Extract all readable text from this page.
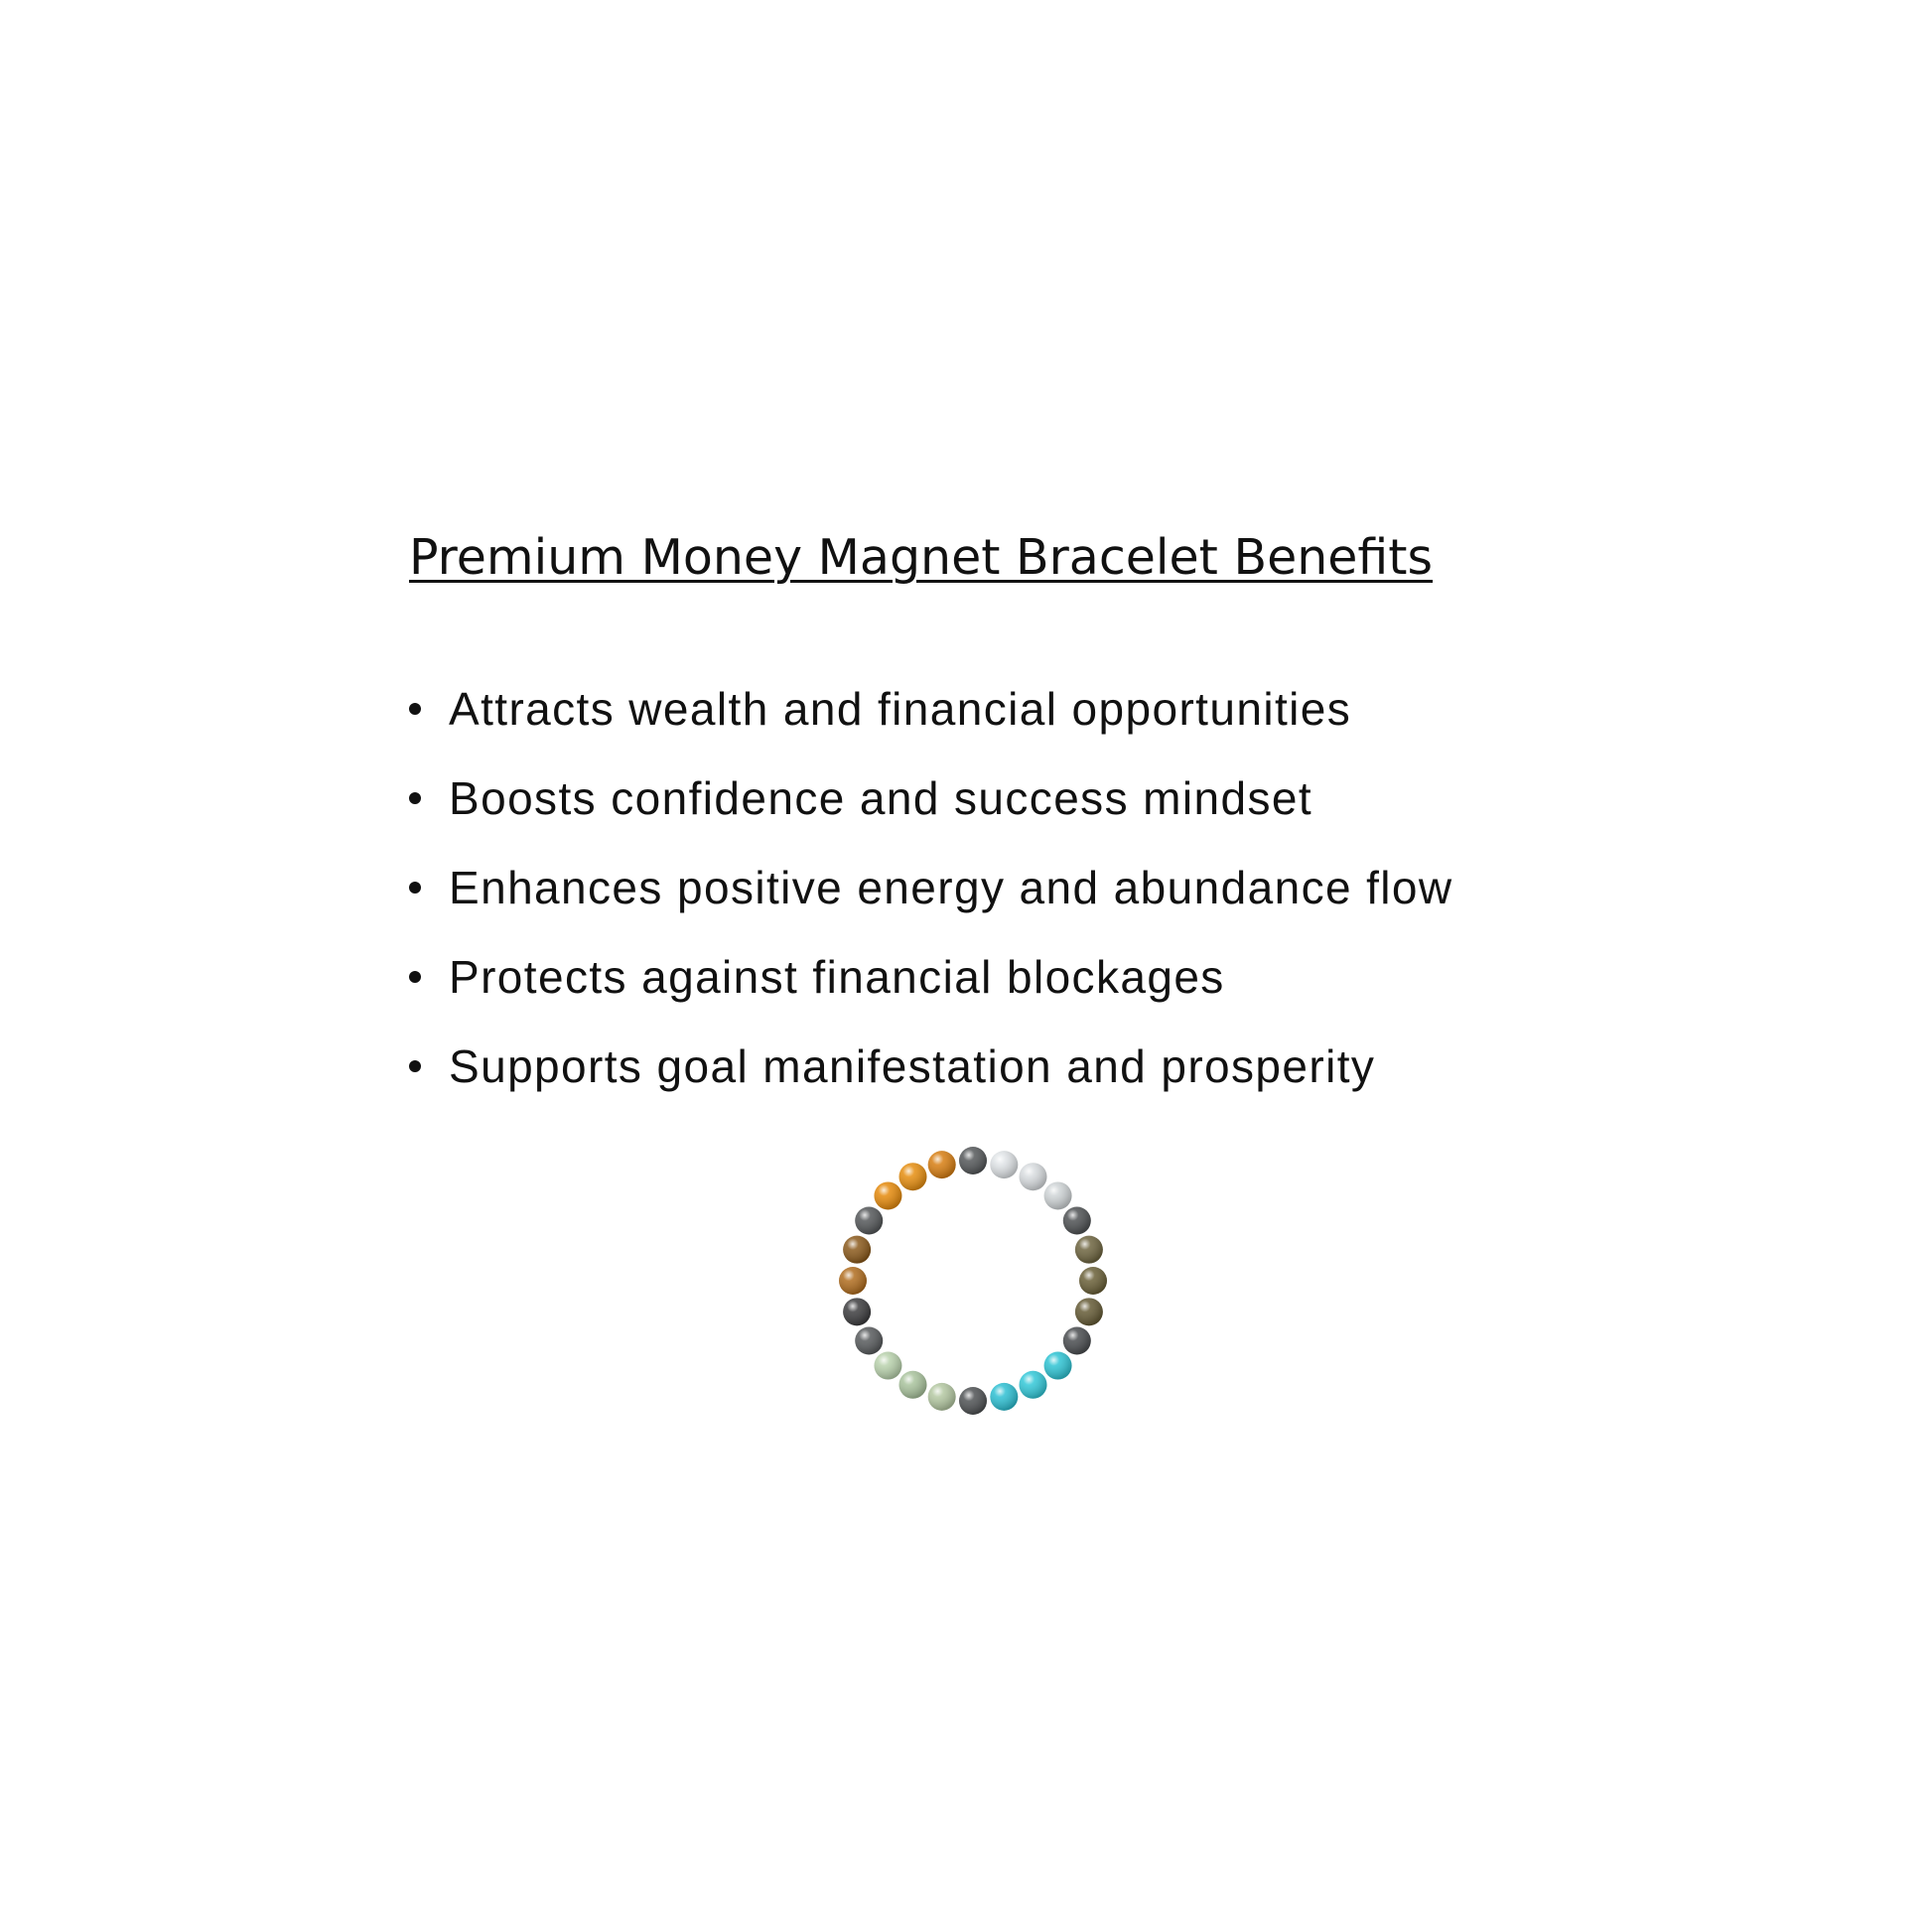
Premium Money Magnet Bracelet Benefits
Attracts wealth and financial opportunities
Boosts confidence and success mindset
Enhances positive energy and abundance flow
Protects against financial blockages
Supports goal manifestation and prosperity
